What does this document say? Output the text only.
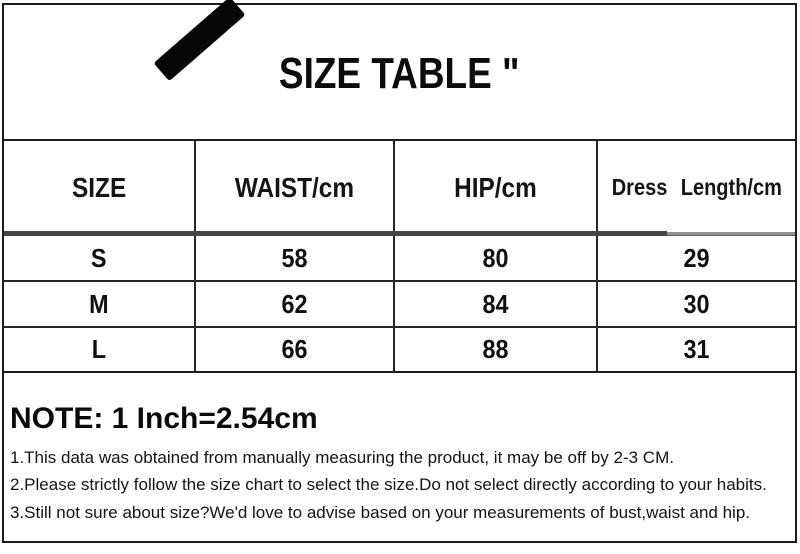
SIZE TABLE "
SIZE	WAIST/cm	HIP/cm	Dress Length/cm
S	58	80	29
M	62	84	30
L	66	88	31
NOTE: 1 Inch=2.54cm

1.This data was obtained from manually measuring the product, it may be off by 2-3 CM.

2.Please strictly follow the size chart to select the size.Do not select directly according to your habits.

3.Still not sure about size?We'd love to advise based on your measurements of bust,waist and hip.
